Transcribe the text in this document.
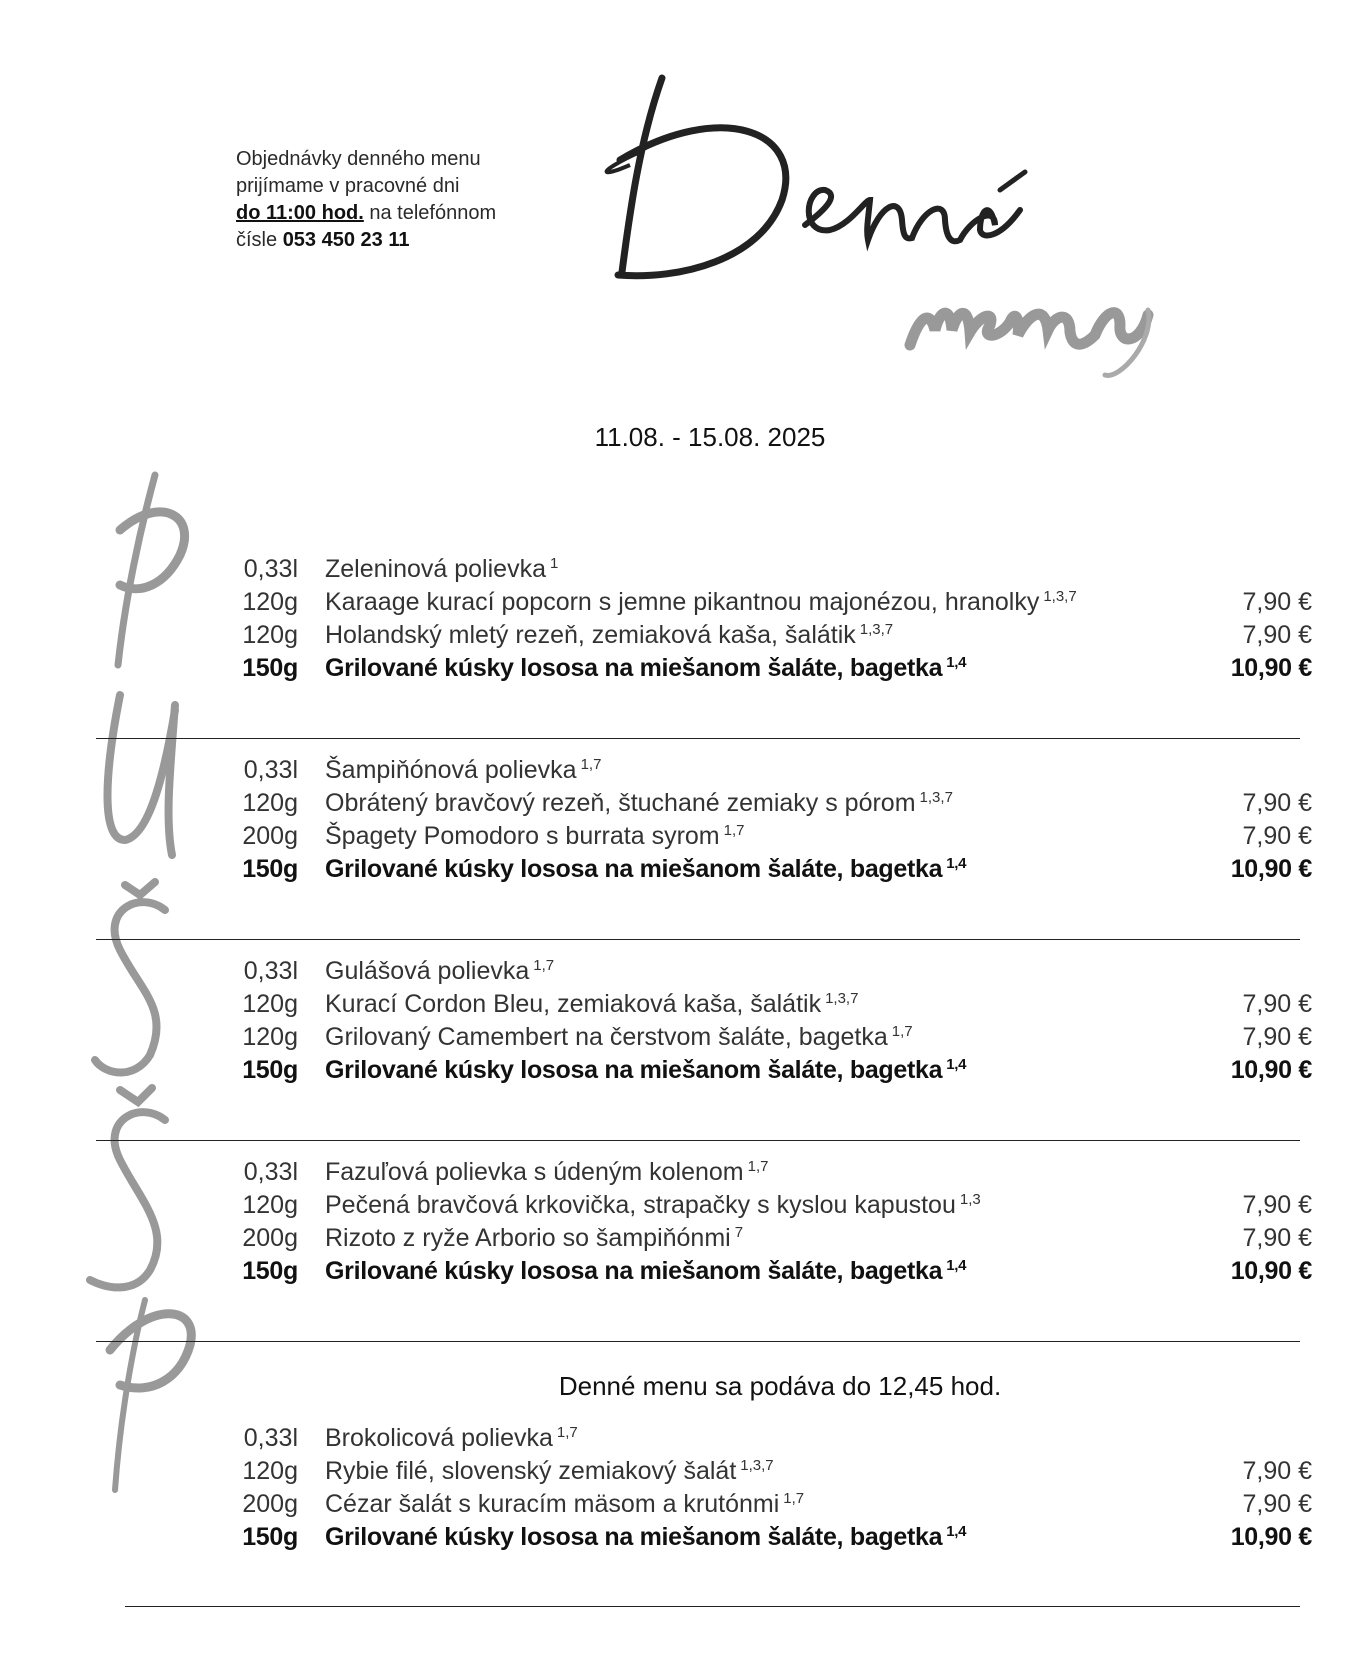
Objednávky denného menu
prijímame v pracovné dni
do 11:00 hod. na telefónnom
čísle 053 450 23 11
11.08. - 15.08. 2025
0,33l Zeleninová polievka $^1$
120g Karaage kurací popcorn s jemne pikantnou majonézou, hranolky $^{1,3,7}$	7,90 €
120g Holandský mletý rezeň, zemiaková kaša, šalátik $^{1,3,7}$	7,90 €
150g Grilované kúsky lososa na miešanom šaláte, bagetka $^{1,4}$	10,90 €
0,33l Šampiňónová polievka $^{1,7}$
120g Obrátený bravčový rezeň, štuchané zemiaky s pórom $^{1,3,7}$	7,90 €
200g Špagety Pomodoro s burrata syrom $^{1,7}$	7,90 €
150g Grilované kúsky lososa na miešanom šaláte, bagetka $^{1,4}$	10,90 €
0,33l Gulášová polievka $^{1,7}$
120g Kurací Cordon Bleu, zemiaková kaša, šalátik $^{1,3,7}$	7,90 €
120g Grilovaný Camembert na čerstvom šaláte, bagetka $^{1,7}$	7,90 €
150g Grilované kúsky lososa na miešanom šaláte, bagetka $^{1,4}$	10,90 €
0,33l Fazuľová polievka s údeným kolenom $^{1,7}$
120g Pečená bravčová krkovička, strapačky s kyslou kapustou $^{1,3}$	7,90 €
200g Rizoto z ryže Arborio so šampiňónmi $^7$	7,90 €
150g Grilované kúsky lososa na miešanom šaláte, bagetka $^{1,4}$	10,90 €
0,33l Brokolicová polievka $^{1,7}$
120g Rybie filé, slovenský zemiakový šalát $^{1,3,7}$	7,90 €
200g Cézar šalát s kuracím mäsom a krutónmi $^{1,7}$	7,90 €
150g Grilované kúsky lososa na miešanom šaláte, bagetka $^{1,4}$	10,90 €
Denné menu sa podáva do 12,45 hod.
